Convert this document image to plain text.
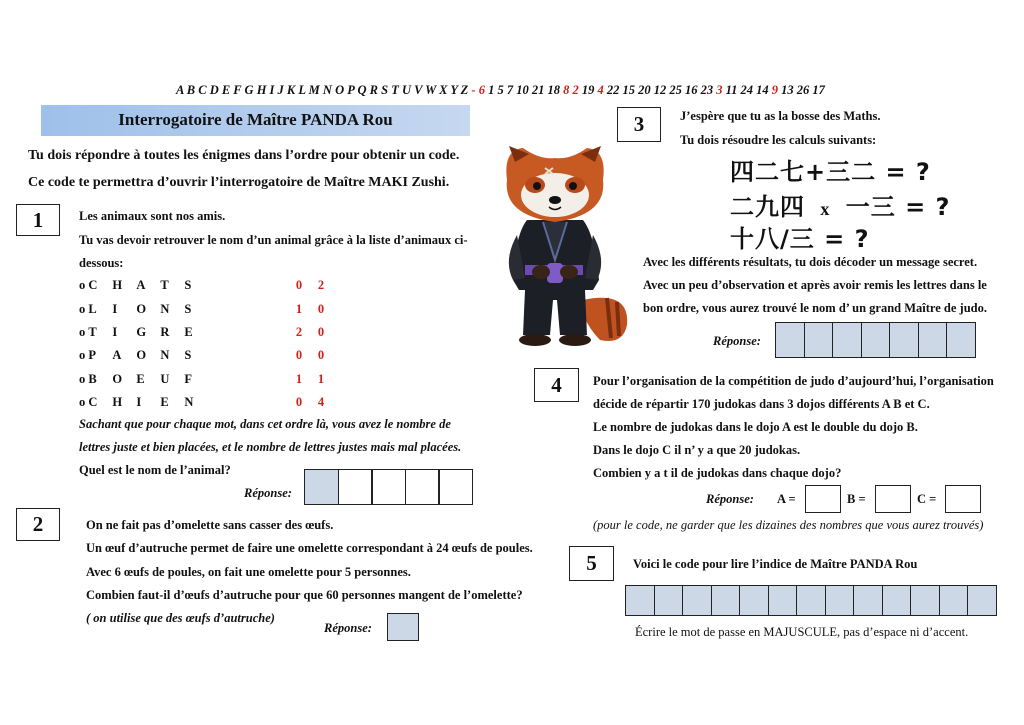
A B C D E F G H I J K L M N O P Q R S T U V W X Y Z - 6 1 5 7 10 21 18 8 2 19 4 22 15 20 12 25 16 23 3 11 24 14 9 13 26 17
Interrogatoire de Maître PANDA Rou
Tu dois répondre à toutes les énigmes dans l’ordre pour obtenir un code.
Ce code te permettra d’ouvrir l’interrogatoire de Maître MAKI Zushi.
1	Les animaux sont nos amis.
Tu vas devoir retrouver le nom d’un animal grâce à la liste d’animaux ci-
dessous:
o C H A T S	0 2
o L I O N S	1 0
o T I G R E	2 0
o P A O N S	0 0
o B O E U F	1 1
o C H I E N	0 4
Sachant que pour chaque mot, dans cet ordre là, vous avez le nombre de
lettres juste et bien placées, et le nombre de lettres justes mais mal placées.
Quel est le nom de l’animal?
Réponse:
2	On ne fait pas d’omelette sans casser des œufs.
Un œuf d’autruche permet de faire une omelette correspondant à 24 œufs de poules.
Avec 6 œufs de poules, on fait une omelette pour 5 personnes.
Combien faut-il d’œufs d’autruche pour que 60 personnes mangent de l’omelette?
( on utilise que des œufs d’autruche)
Réponse:
3	J’espère que tu as la bosse des Maths.
Tu dois résoudre les calculs suivants:
四二七+三二 = ?
二九四 x 一三 = ?
十八/三 = ?
Avec les différents résultats, tu dois décoder un message secret.
Avec un peu d’observation et après avoir remis les lettres dans le
bon ordre, vous aurez trouvé le nom d’ un grand Maître de judo.
Réponse:
4	Pour l’organisation de la compétition de judo d’aujourd’hui, l’organisation
décide de répartir 170 judokas dans 3 dojos différents A B et C.
Le nombre de judokas dans le dojo A est le double du dojo B.
Dans le dojo C il n’ y a que 20 judokas.
Combien y a t il de judokas dans chaque dojo?
Réponse: A =	B =	C =
(pour le code, ne garder que les dizaines des nombres que vous aurez trouvés)
5	Voici le code pour lire l’indice de Maître PANDA Rou
Écrire le mot de passe en MAJUSCULE, pas d’espace ni d’accent.
